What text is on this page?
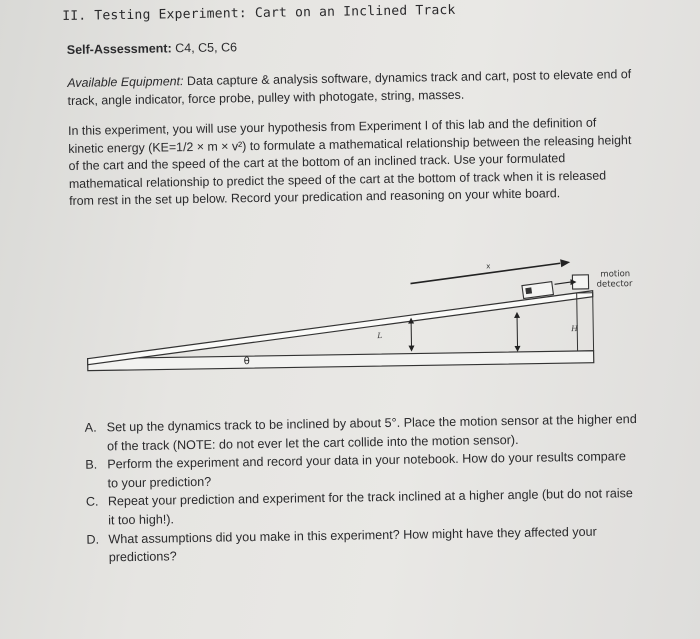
II. Testing Experiment: Cart on an Inclined Track
Self-Assessment: C4, C5, C6
Available Equipment: Data capture & analysis software, dynamics track and cart, post to elevate end of
track, angle indicator, force probe, pulley with photogate, string, masses.
In this experiment, you will use your hypothesis from Experiment I of this lab and the definition of
kinetic energy (KE=1/2 × m × v²) to formulate a mathematical relationship between the releasing height
of the cart and the speed of the cart at the bottom of an inclined track. Use your formulated
mathematical relationship to predict the speed of the cart at the bottom of track when it is released
from rest in the set up below. Record your predication and reasoning on your white board.
x
motion
detector
L
H
θ
A. Set up the dynamics track to be inclined by about 5°. Place the motion sensor at the higher end
of the track (NOTE: do not ever let the cart collide into the motion sensor).
B. Perform the experiment and record your data in your notebook. How do your results compare
to your prediction?
C. Repeat your prediction and experiment for the track inclined at a higher angle (but do not raise
it too high!).
D. What assumptions did you make in this experiment? How might have they affected your
predictions?
